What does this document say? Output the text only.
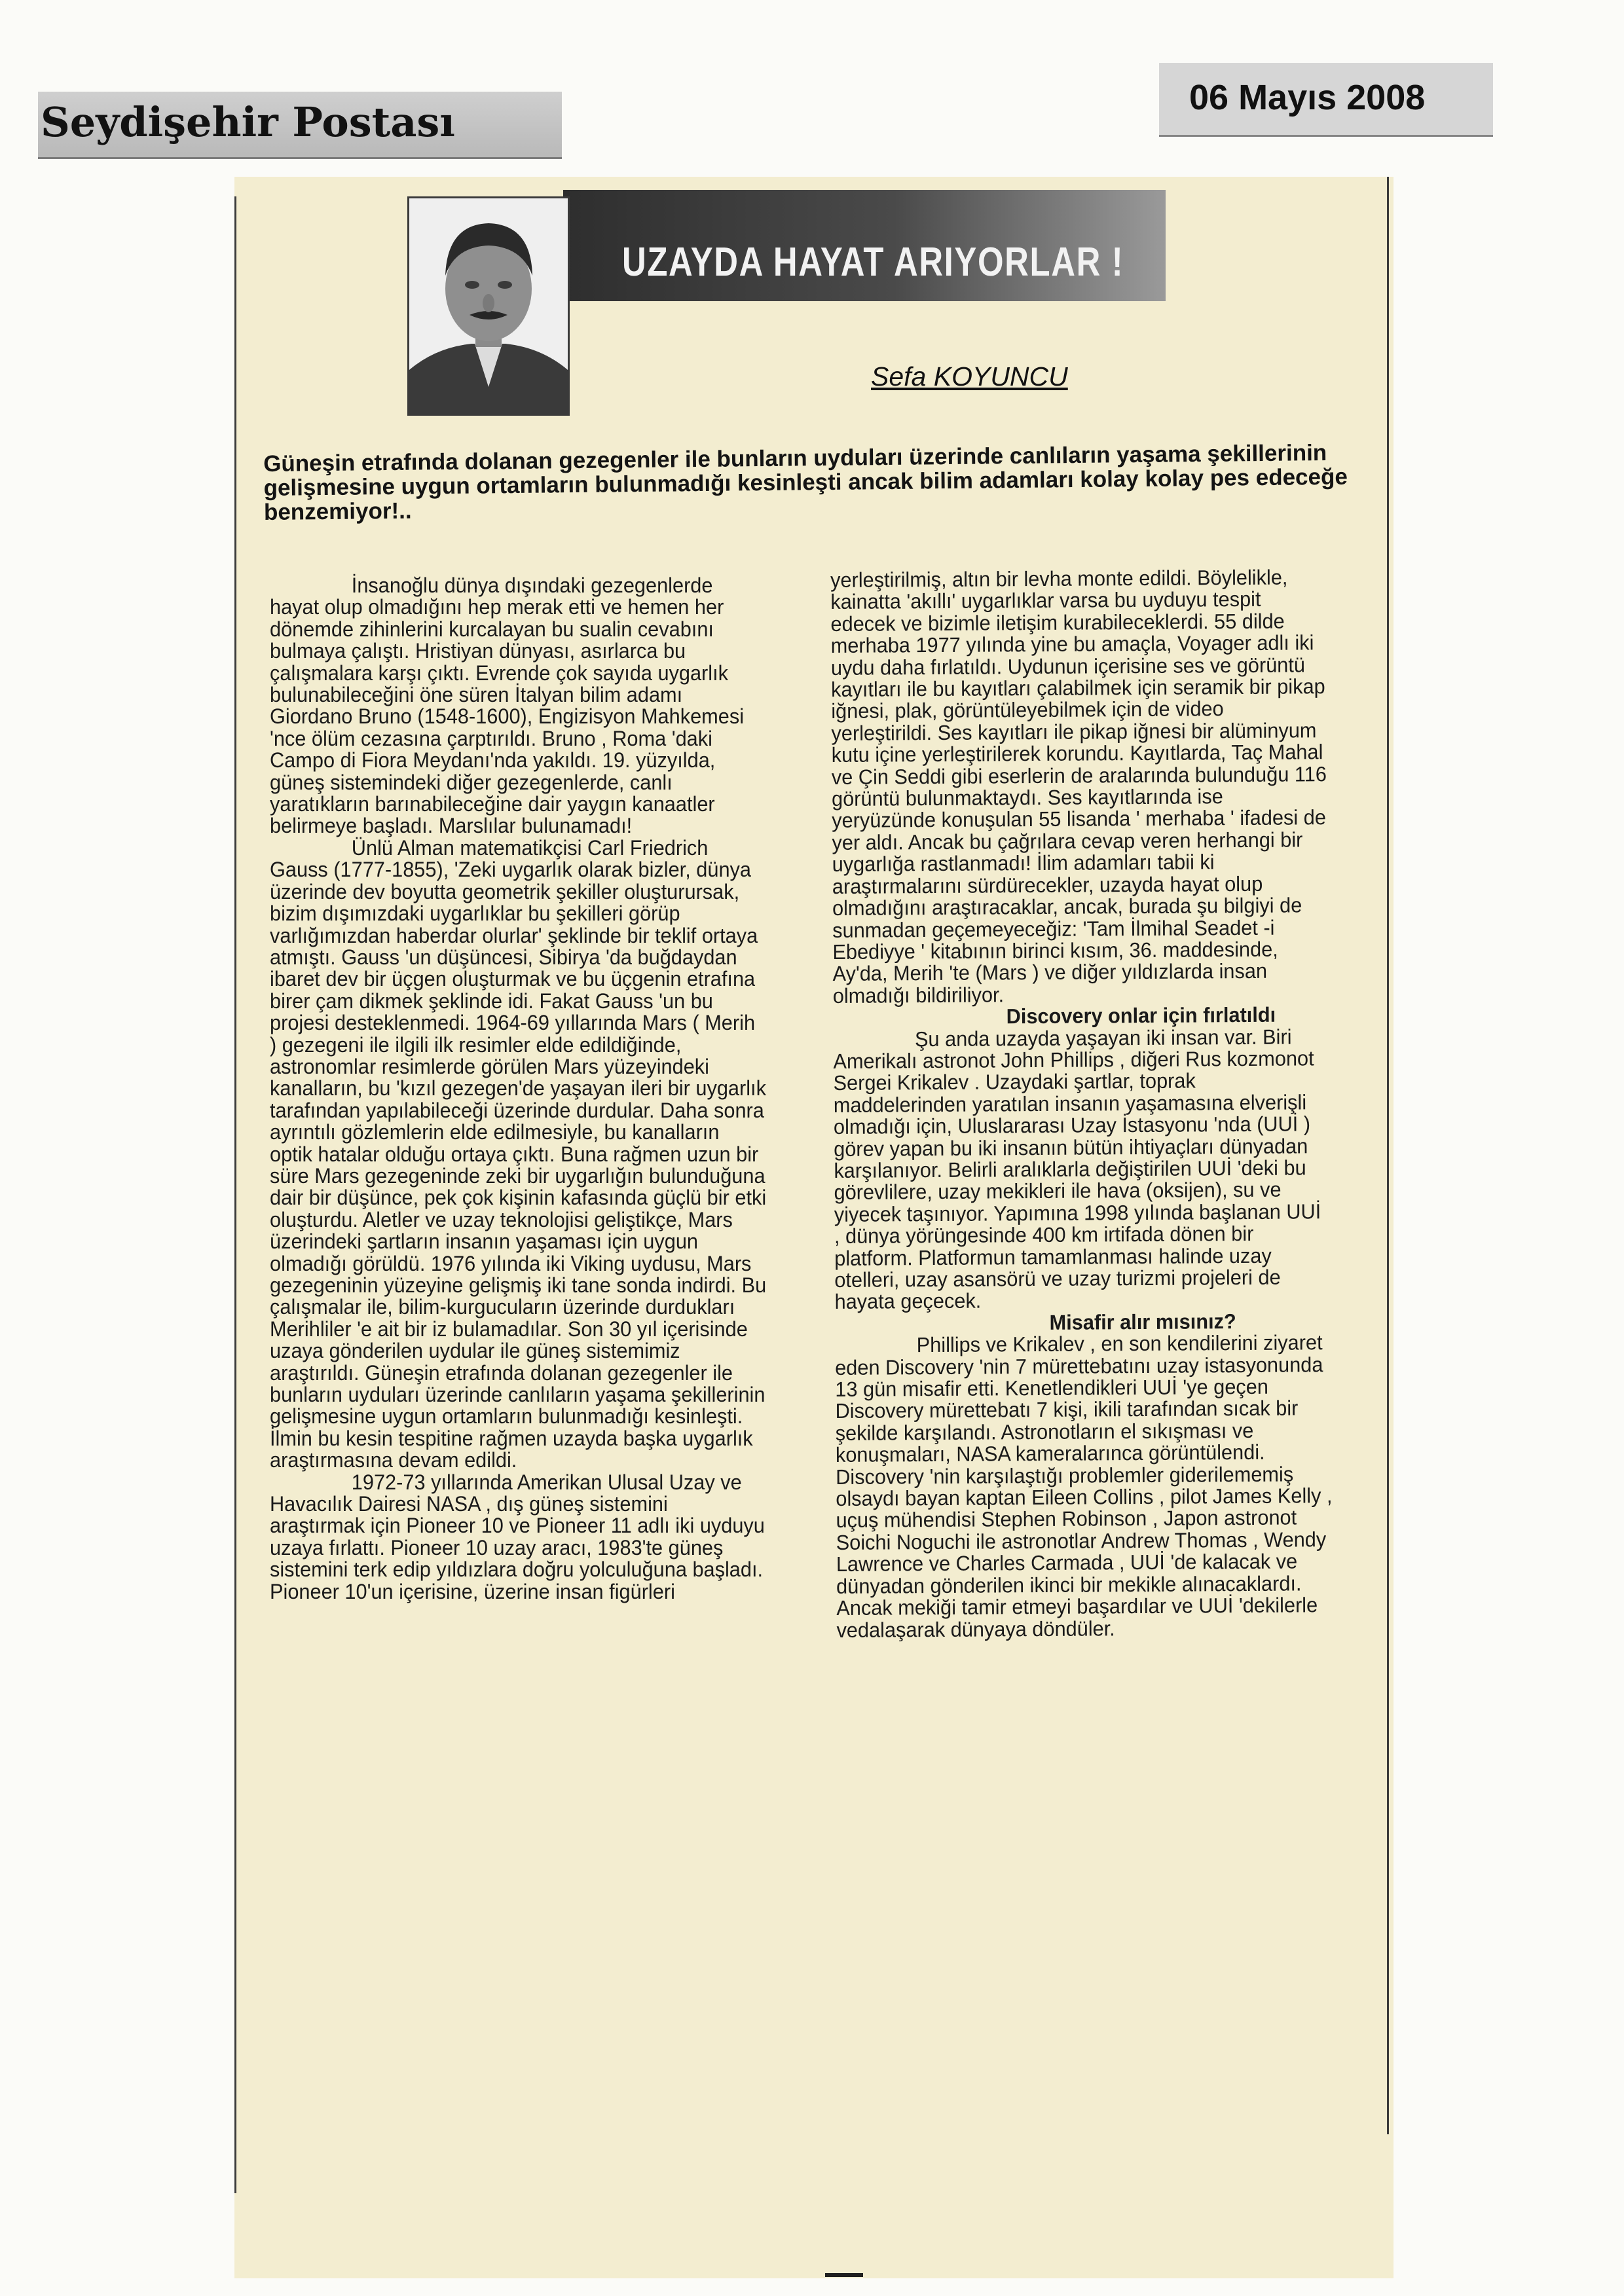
Seydişehir Postası
06 Mayıs 2008
UZAYDA HAYAT ARIYORLAR !
Sefa KOYUNCU
Güneşin etrafında dolanan gezegenler ile bunların uyduları üzerinde canlıların yaşama şekillerinin gelişmesine uygun ortamların bulunmadığı kesinleşti ancak bilim adamları kolay kolay pes edeceğe benzemiyor!..

İnsanoğlu dünya dışındaki gezegenlerde hayat olup olmadığını hep merak etti ve hemen her dönemde zihinlerini kurcalayan bu sualin cevabını bulmaya çalıştı. Hristiyan dünyası, asırlarca bu çalışmalara karşı çıktı. Evrende çok sayıda uygarlık bulunabileceğini öne süren İtalyan bilim adamı Giordano Bruno (1548-1600), Engizisyon Mahkemesi 'nce ölüm cezasına çarptırıldı. Bruno , Roma 'daki Campo di Fiora Meydanı'nda yakıldı. 19. yüzyılda, güneş sistemindeki diğer gezegenlerde, canlı yaratıkların barınabileceğine dair yaygın kanaatler belirmeye başladı. Marslılar bulunamadı!

Ünlü Alman matematikçisi Carl Friedrich Gauss (1777-1855), 'Zeki uygarlık olarak bizler, dünya üzerinde dev boyutta geometrik şekiller oluşturursak, bizim dışımızdaki uygarlıklar bu şekilleri görüp varlığımızdan haberdar olurlar' şeklinde bir teklif ortaya atmıştı. Gauss 'un düşüncesi, Sibirya 'da buğdaydan ibaret dev bir üçgen oluşturmak ve bu üçgenin etrafına birer çam dikmek şeklinde idi. Fakat Gauss 'un bu projesi desteklenmedi. 1964-69 yıllarında Mars ( Merih ) gezegeni ile ilgili ilk resimler elde edildiğinde, astronomlar resimlerde görülen Mars yüzeyindeki kanalların, bu 'kızıl gezegen'de yaşayan ileri bir uygarlık tarafından yapılabileceği üzerinde durdular. Daha sonra ayrıntılı gözlemlerin elde edilmesiyle, bu kanalların optik hatalar olduğu ortaya çıktı. Buna rağmen uzun bir süre Mars gezegeninde zeki bir uygarlığın bulunduğuna dair bir düşünce, pek çok kişinin kafasında güçlü bir etki oluşturdu. Aletler ve uzay teknolojisi geliştikçe, Mars üzerindeki şartların insanın yaşaması için uygun olmadığı görüldü. 1976 yılında iki Viking uydusu, Mars gezegeninin yüzeyine gelişmiş iki tane sonda indirdi. Bu çalışmalar ile, bilim-kurgucuların üzerinde durdukları Merihliler 'e ait bir iz bulamadılar. Son 30 yıl içerisinde uzaya gönderilen uydular ile güneş sistemimiz araştırıldı. Güneşin etrafında dolanan gezegenler ile bunların uyduları üzerinde canlıların yaşama şekillerinin gelişmesine uygun ortamların bulunmadığı kesinleşti. İlmin bu kesin tespitine rağmen uzayda başka uygarlık araştırmasına devam edildi.

1972-73 yıllarında Amerikan Ulusal Uzay ve Havacılık Dairesi NASA , dış güneş sistemini araştırmak için Pioneer 10 ve Pioneer 11 adlı iki uyduyu uzaya fırlattı. Pioneer 10 uzay aracı, 1983'te güneş sistemini terk edip yıldızlara doğru yolculuğuna başladı. Pioneer 10'un içerisine, üzerine insan figürleri

yerleştirilmiş, altın bir levha monte edildi. Böylelikle, kainatta 'akıllı' uygarlıklar varsa bu uyduyu tespit edecek ve bizimle iletişim kurabileceklerdi. 55 dilde merhaba 1977 yılında yine bu amaçla, Voyager adlı iki uydu daha fırlatıldı. Uydunun içerisine ses ve görüntü kayıtları ile bu kayıtları çalabilmek için seramik bir pikap iğnesi, plak, görüntüleyebilmek için de video yerleştirildi. Ses kayıtları ile pikap iğnesi bir alüminyum kutu içine yerleştirilerek korundu. Kayıtlarda, Taç Mahal ve Çin Seddi gibi eserlerin de aralarında bulunduğu 116 görüntü bulunmaktaydı. Ses kayıtlarında ise yeryüzünde konuşulan 55 lisanda ' merhaba ' ifadesi de yer aldı. Ancak bu çağrılara cevap veren herhangi bir uygarlığa rastlanmadı! İlim adamları tabii ki araştırmalarını sürdürecekler, uzayda hayat olup olmadığını araştıracaklar, ancak, burada şu bilgiyi de sunmadan geçemeyeceğiz: 'Tam İlmihal Seadet -i Ebediyye ' kitabının birinci kısım, 36. maddesinde, Ay'da, Merih 'te (Mars ) ve diğer yıldızlarda insan olmadığı bildiriliyor.

Discovery onlar için fırlatıldı

Şu anda uzayda yaşayan iki insan var. Biri Amerikalı astronot John Phillips , diğeri Rus kozmonot Sergei Krikalev . Uzaydaki şartlar, toprak maddelerinden yaratılan insanın yaşamasına elverişli olmadığı için, Uluslararası Uzay İstasyonu 'nda (UUİ ) görev yapan bu iki insanın bütün ihtiyaçları dünyadan karşılanıyor. Belirli aralıklarla değiştirilen UUİ 'deki bu görevlilere, uzay mekikleri ile hava (oksijen), su ve yiyecek taşınıyor. Yapımına 1998 yılında başlanan UUİ , dünya yörüngesinde 400 km irtifada dönen bir platform. Platformun tamamlanması halinde uzay otelleri, uzay asansörü ve uzay turizmi projeleri de hayata geçecek.

Misafir alır mısınız?

Phillips ve Krikalev , en son kendilerini ziyaret eden Discovery 'nin 7 mürettebatını uzay istasyonunda 13 gün misafir etti. Kenetlendikleri UUİ 'ye geçen Discovery mürettebatı 7 kişi, ikili tarafından sıcak bir şekilde karşılandı. Astronotların el sıkışması ve konuşmaları, NASA kameralarınca görüntülendi. Discovery 'nin karşılaştığı problemler giderilememiş olsaydı bayan kaptan Eileen Collins , pilot James Kelly , uçuş mühendisi Stephen Robinson , Japon astronot Soichi Noguchi ile astronotlar Andrew Thomas , Wendy Lawrence ve Charles Carmada , UUİ 'de kalacak ve dünyadan gönderilen ikinci bir mekikle alınacaklardı. Ancak mekiği tamir etmeyi başardılar ve UUİ 'dekilerle vedalaşarak dünyaya döndüler.
